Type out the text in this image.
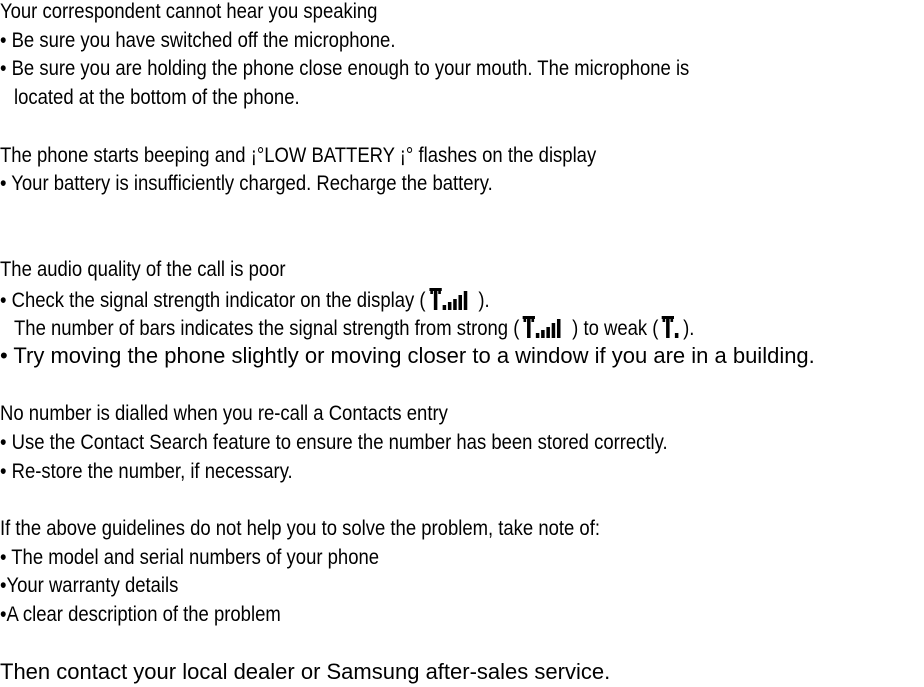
Your correspondent cannot hear you speaking
• Be sure you have switched off the microphone.
• Be sure you are holding the phone close enough to your mouth. The microphone is
located at the bottom of the phone.
The phone starts beeping and ¡°LOW BATTERY ¡° flashes on the display
• Your battery is insufficiently charged. Recharge the battery.
The audio quality of the call is poor
• Check the signal strength indicator on the display (	).
The number of bars indicates the signal strength from strong (	) to weak ( ).
• Try moving the phone slightly or moving closer to a window if you are in a building.
No number is dialled when you re-call a Contacts entry
• Use the Contact Search feature to ensure the number has been stored correctly.
• Re-store the number, if necessary.
If the above guidelines do not help you to solve the problem, take note of:
• The model and serial numbers of your phone
•Your warranty details
•A clear description of the problem
Then contact your local dealer or Samsung after-sales service.
